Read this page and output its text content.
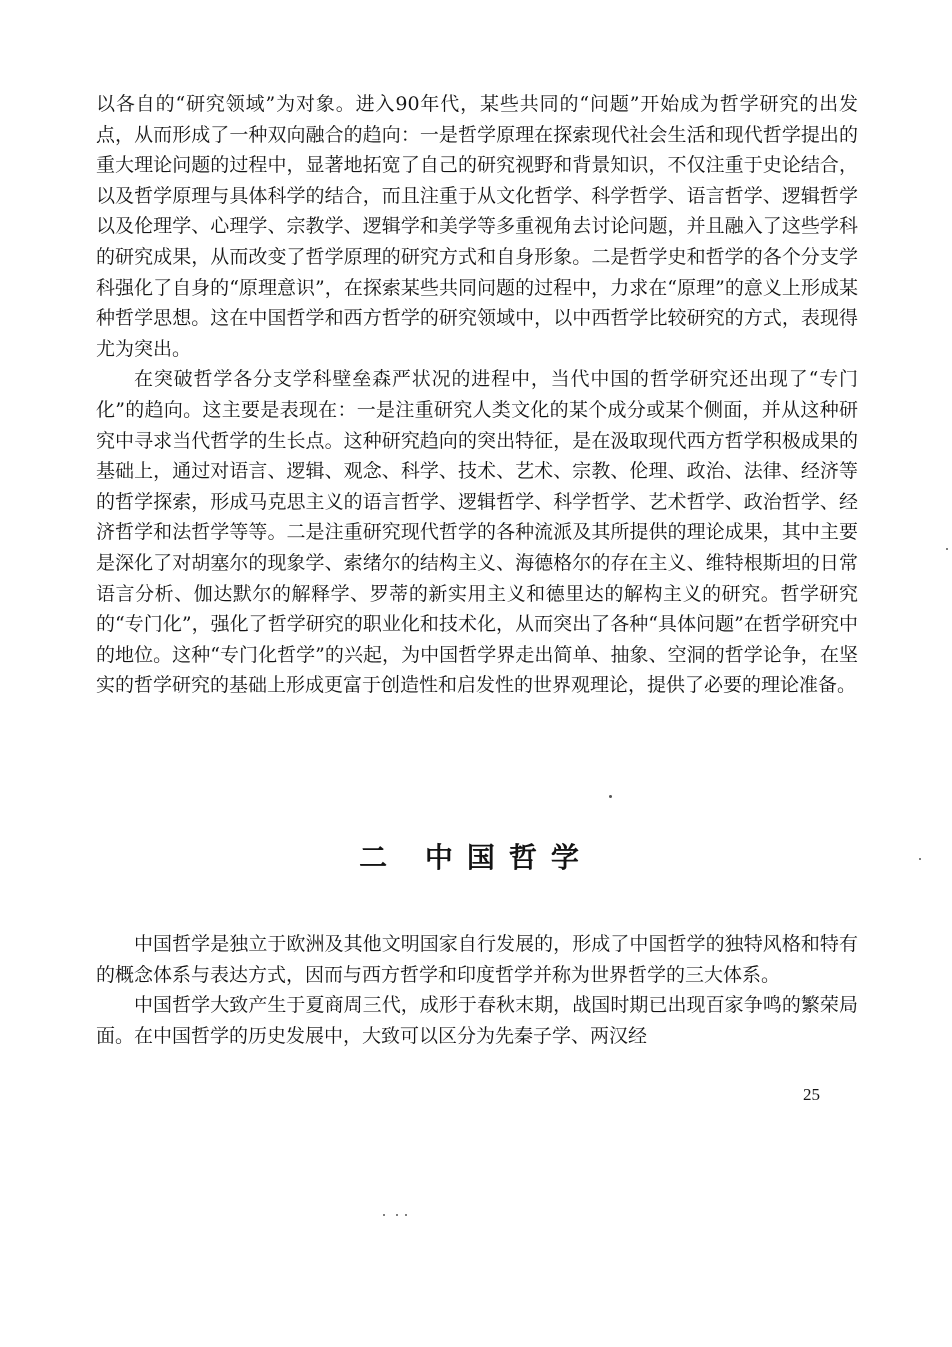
以各自的“研究领域”为对象。进入90年代，某些共同的“问题”开始成为哲学研究的出发点，从而形成了一种双向融合的趋向：一是哲学原理在探索现代社会生活和现代哲学提出的重大理论问题的过程中，显著地拓宽了自己的研究视野和背景知识，不仅注重于史论结合，以及哲学原理与具体科学的结合，而且注重于从文化哲学、科学哲学、语言哲学、逻辑哲学以及伦理学、心理学、宗教学、逻辑学和美学等多重视角去讨论问题，并且融入了这些学科的研究成果，从而改变了哲学原理的研究方式和自身形象。二是哲学史和哲学的各个分支学科强化了自身的“原理意识”，在探索某些共同问题的过程中，力求在“原理”的意义上形成某种哲学思想。这在中国哲学和西方哲学的研究领域中，以中西哲学比较研究的方式，表现得尤为突出。

在突破哲学各分支学科壁垒森严状况的进程中，当代中国的哲学研究还出现了“专门化”的趋向。这主要是表现在：一是注重研究人类文化的某个成分或某个侧面，并从这种研究中寻求当代哲学的生长点。这种研究趋向的突出特征，是在汲取现代西方哲学积极成果的基础上，通过对语言、逻辑、观念、科学、技术、艺术、宗教、伦理、政治、法律、经济等的哲学探索，形成马克思主义的语言哲学、逻辑哲学、科学哲学、艺术哲学、政治哲学、经济哲学和法哲学等等。二是注重研究现代哲学的各种流派及其所提供的理论成果，其中主要是深化了对胡塞尔的现象学、索绪尔的结构主义、海德格尔的存在主义、维特根斯坦的日常语言分析、伽达默尔的解释学、罗蒂的新实用主义和德里达的解构主义的研究。哲学研究的“专门化”，强化了哲学研究的职业化和技术化，从而突出了各种“具体问题”在哲学研究中的地位。这种“专门化哲学”的兴起，为中国哲学界走出简单、抽象、空洞的哲学论争，在坚实的哲学研究的基础上形成更富于创造性和启发性的世界观理论，提供了必要的理论准备。

二 中国哲学

中国哲学是独立于欧洲及其他文明国家自行发展的，形成了中国哲学的独特风格和特有的概念体系与表达方式，因而与西方哲学和印度哲学并称为世界哲学的三大体系。

中国哲学大致产生于夏商周三代，成形于春秋末期，战国时期已出现百家争鸣的繁荣局面。在中国哲学的历史发展中，大致可以区分为先秦子学、两汉经

25
